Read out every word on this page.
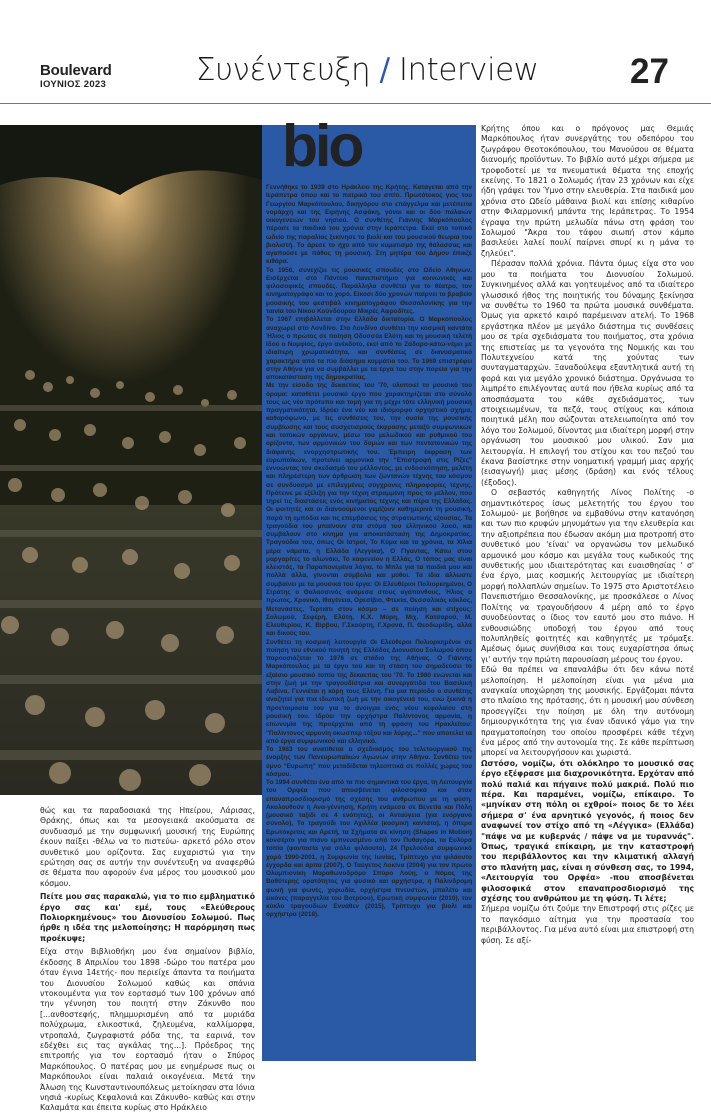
Boulevard
ΙΟΥΝΙΟΣ 2023	Συνέντευξη / Interview	27
bio

Γεννήθηκε το 1939 στο Ηράκλειο της Κρήτης. Κατάγεται από την Ιεράπετρα όπου και το πατρικό του σπίτι. Πρωτότοκος γιος του Γεωργίου Μαρκόπουλου, δικηγόρου στο επάγγελμα και μετέπειτα νομάρχη και της Ειρήνης Ασφάκη, γόνοι και οι δύο παλαιών οικογενειών του νησιού. Ο συνθέτης Γιάννης Μαρκόπουλος πέρασε τα παιδικά του χρόνια στην Ιεράπετρα. Εκεί στο τοπικό ωδείο της παραλίας ξεκίνησε το βιολί και του μουσικού θεωρία του βιολιστή. Το άρεσε το ήχο από τον κυματισμό της θάλασσας και αγαπούσε με πάθος τη μουσική. Στη μητέρα του Δήμου έπαιζε κιθάρα.

Το 1956, συνεχίζει τις μουσικές σπουδές στο Ωδείο Αθηνών. Εισέρχεται στο Πάντειο πανεπιστήμιο για κοινωνικές και φιλοσοφικές σπουδές. Παράλληλα συνθέτει για το θέατρο, τον κινηματογράφο και το χορό. Είκοσι δύο χρονών παίρνει το βραβείο μουσικής του φεστιβάλ κινηματογράφου Θεσσαλονίκης για την ταινία του Νίκου Κούνδουρου Μικρές Αφροδίτες.

Το 1967 επιβάλλεται στην Ελλάδα δικτατορία. Ο Μαρκόπουλος αναχωρεί στο Λονδίνο. Στο Λονδίνο συνθέτει την κοσμική καντάτα Ήλιος ο πρώτος σε ποίηση Οδυσσέα Ελύτη και τη μουσική τελετή Ιδού ο Νυμφίος, έργο ανέκδοτο, εκεί από το Ζάδαρο-κάτω-νέμει με ιδιαίτερη χρωματικότητα, και συνθέσεις σε διανυσματικό χαρακτήρα από τα πιο διάσημα κομμάτια του. Το 1969 επιστρέφει στην Αθήνα για να συμβάλλει με τα έργα του στην πορεία για την αποκατάσταση της δημοκρατίας.

Με την είσοδο της δεκαετίας του '70, υλοποιεί το μουσικό του όραμα: καταθέτει μουσικό έργο που χαρακτηρίζεται στο σύνολό τους ως νέο πρότυπο και τομή για τη μέχρι τότε ελληνική μουσική πραγματικότητα. Ιδρύει ένα νέο και ιδιόμορφο ορχηστικό σχήμα, καθαρόφωνο, με τις συνθέσεις του, την ουσία της μουσικής συμβίωσης και τους συσχετισμούς έκφρασης μεταξύ συμφωνικών και τοπικών οργάνων, μέσω του μελωδικού και ρυθμικού του ορίζοντα, των αρμονικών του δομών και των πεντατονικών της διάφανης ενορχηστρωτικής του. Έμπειρη έκφραση των ευρωπαϊκών, προτείνει αρμονικά την "Επιστροφή στις Ρίζες" εννοώντας τον σκεδασμό του μέλλοντος, με ενδοσκόπηση, μελέτη και πληρέστερη των άρθρωση των ζωντανών τέχνης του κόσμου σε συνδυασμό με επιλεγμένες σύγχρονες πληροφορίες τέχνης. Πρότεινε με εξέλιξη για την τέχνη στραμμένη προς το μέλλον, που τηρεί τις διαστάσεις ενός κινήματος τέχνης και πέρα της Ελλάδας. Οι φοιτητές και οι διανοούμενοι γεμίζουν καθημερινά τη μουσική, παρά τη εμπόδια και τις επεμβάσεις της στρατιωτικής εξουσίας. Τα τραγούδια του μπαίνουν στα στόμα του ελληνικού λαού, και συμβάλουν στο κίνημα για αποκατάσταση της Δημοκρατίας. Τραγούδια του, όπως Οι Ιστροί, Το Κύμα και τα χρόνια, τα Χίλια μέρα νάματα, η Ελλάδα (Λεγγίκα), Ο Γίγαντας, Κάτω στου μαργαρίτες το αλωνάκι, Το καφενείον η Ελλάς, Ο τόπος μας είναι κλειστός, τα Παραπονεμένα λόγια, το Μπλε για τα παιδιά μου και πολλά άλλα, γίνονται σύμβολα και μύθοι. Τα ίδια άλλωστε συμβαίνει με τα μουσικά του έργα: Οι Ελευθέριοι Πολιορκημένοι, Ο Στράτης ο Θαλασσινός ανάμεσα στους αγάπανθους, Ήλιος ο πρώτος, Χρονικό, Ιθαγένεια, Ορεσίβιο, Φτεκία, Θεσσαλικός κύκλος, Μετανάστες, Τερτιάτι στον κόσμο – σε ποίηση και στίχους: Σολωμού, Σεφέρη, Ελύτη, Κ.Χ. Μύρη, Μιχ. Κατσαρού, Μ. Ελευθερίου, Κ. Βίρβου, Γ.Σκούρτη, Γ.Χρονά, Π. Θεοδωρίδη, αλλά και δικούς του.

Συνθέτει τη κοσμική λειτουργία Οι Ελεύθεροι Πολιορκημένοι σε ποίηση του εθνικού ποιητή της Ελλάδος Διονυσίου Σολωμού όπου παρουσιάζεται το 1976 σε στάδιο της Αθήνας. Ο Γιάννης Μαρκόπουλος με τα έργο του και τη στάση του σημαδεύσει το εξαίσιο μουσικό τοπίο της δεκαετίας του '70. Το 1980 ενώνεται και στην ζωή με την τραγουδίστρια και συνεργάτιδα του Βασιλική Λαβίνα. Γεννιέται η κόρη τους Ελένη. Για μια περίοδο ο συνθέτης αναζητεί για πια ιδιωτική ζωή με την οικογένειά του, ενώ ξεκινά η προετοιμασία του για το άνοιγμα ενός νέου κεφαλαίου στη μουσική του. Ιδρύει την ορχήστρα Παλίντονος αρμονία, η επωνυμία της προέρχεται από τη φράση του Ηρακλείτου: "Παλίντονος αρμονίη οκωσπερ τόξου και λύρης..." που αποτελεί τα από έργα συμφωνικού και ελληνικό.

Το 1983 του ανατίθεται ο σχεδιασμός του τελετουργικού της έναρξης των Πανευρωπαϊκών Αγώνων στην Αθήνα. Συνθέτει τον ύμνο "Ευρώπη" που μεταδίδεται τηλεοπτικά σε πολλές χώρες του κόσμου.

Το 1994 συνθέτει ένα από τα πιο σημαντικά του έργα, τη Λειτουργία του Ορφέα που αποσβένεται φιλοσοφικά και στον επαναπροσδιορισμό της σχέσης του ανθρώπου με τη φύση. Ακολουθούν η Ανα-γέννηση, Κρήτη ενάμεσα σε Βενετία και Πόλη (μουσικό ταξίδι σε 4 ενότητες), οι Ανταύγεια (για ενόργανο σύνολο), Το τραγούδι του Αχιλλέα (κοσμική καντάτα), η όπερα Ερωτόκριτος και Αρετή, τα Σχήματα σε κίνηση (Shapes in Motion) κονσέρτο για πιάνο εμπνευσμένο από τον Πυθαγόρα, τα Ευλύρα τοπία (φαντασία για σόλο φιλάουτο), 24 Πρελούδια συμφωνικό χορό 1990-2001, η Συμφωνία της Ιωνίας, Τρίπτυχο για φιλάουτο έγχορδα και άρπα (2007), Ο Ταύγετος Λοκίνα (2004) για τον πρώτο Ολυμπιονίκη Μαραθωνοδρόμο Σπύρο Λούη, ο Νόμος της Βαθύτερης ορατότητος για φυσικό και ορχήστρα, η Πάλινδρομη φωνή για φωνές, χορωδία, ορχήστρα πνευστών, μπαλέτο και εικόνες (παραγγελία του Βοτρύου), Ερωτική συμφωνία (2010), τον κύκλο τραγουδιών Ενυάθεν (2015), Τρίπτυχο για βιολί και ορχήστρα (2018).

θώς και τα παραδοσιακά της Ηπείρου, Λάρισας, Θράκης, όπως και τα μεσογειακά ακούσματα σε συνδυασμό με την συμφωνική μουσική της Ευρώπης έκουν παίξει -θέλω να το πιστεύω- αρκετό ρόλο στον συνθετικό μου ορίζοντα. Σας ευχαριστώ για την ερώτηση σας σε αυτήν την συνέντευξη να αναφερθώ σε θέματα που αφορούν ένα μέρος του μουσικού μου κόσμου.

Πείτε μου σας παρακαλώ, για το πιο εμβληματικό έργο σας και' εμέ, τους «Ελεύθερους Πολιορκημένους» του Διονυσίου Σολωμού. Πως ήρθε η ιδέα της μελοποίησης; Η παρόρμηση πως προέκυψε;

Είχα στην Βιβλιοθήκη μου ένα σημαίνον βιβλίο, έκδοσης 8 Απριλίου του 1898 -δώρο του πατέρα μου όταν έγινα 14ετής- που περιείχε άπαντα τα ποιήματα του Διονυσίου Σολωμού καθώς και σπάνια ντοκουμέντα για τον εορτασμό των 100 χρόνων από την γέννηση του ποιητή στην Ζάκυνθο που [...ανθοστεφής, πλημμυρισμένη από τα μυριάδα πολύχρωμα, ελικοστικά, ζηλευμένα, καλλίμορφα, ντροπαλά, ζωγραφιστά ρόδα της, τα εαρινά, τον εδέχθει εις τας αγκάλας της...]. Πρόεδρος της επιτροπής για τον εορτασμό ήταν ο Σπύρος Μαρκόπουλος. Ο πατέρας μου με ενημέρωσε πως οι Μαρκόπουλοι είναι παλαιά οικογένεια. Μετά την Άλωση της Κωνσταντινουπόλεως μετοίκησαν στα Ιόνια νησιά -κυρίως Κεφαλονιά και Ζάκυνθο- καθώς και στην Καλαμάτα και έπειτα κυρίως στο Ηράκλειο

Κρήτης όπου και ο πρόγονος μας Θεμιάς Μαρκόπουλος ήταν συνεργάτης του οδεπόρου του ζωγράφου Θεοτοκόπουλου, του Μανούσου σε θέματα διανομής προϊόντων. Το βιβλίο αυτό μέχρι σήμερα με τροφοδοτεί με τα πνευματικά θέματα της εποχής εκείνης. Το 1821 ο Σολωμός ήταν 23 χρόνων και είχε ήδη γράψει τον Ύμνο στην ελευθερία. Στα παιδικά μου χρόνια στο Ωδείο μάθαινα βιολί και επίσης κιθαρίνο στην Φιλαρμονική μπάντα της Ιεράπετρας. Το 1954 έγραψα την πρώτη μελωδία πάνω στη φράση του Σολωμού "Άκρα του τάφου σιωπή στον κάμπο βασιλεύει λαλεί πουλί παίρνει σπυρί κι η μάνα το ζηλεύει".

Πέρασαν πολλά χρόνια. Πάντα όμως είχα στο νου μου τα ποιήματα του Διονυσίου Σολωμού. Συγκινημένος αλλά και γοητευμένος από τα ιδιαίτερο γλωσσικό ήθος της ποιητικής του δύναμης ξεκίνησα να συνθέτω το 1960 τα πρώτα μουσικά συνθέματα. Όμως για αρκετό καιρό παρέμειναν ατελή. Το 1968 εργάστηκα πλέον με μεγάλο διάστημα τις συνθέσεις μου σε τρία σχεδιάσματα του ποιήματος, στα χρόνια της επιστείας με τα γεγονότα της Νομικής και του Πολυτεχνείου κατά της χούντας των συνταγματαρχών. Ξαναδούλεψα εξαντλητικά αυτή τη φορά και για μεγάλο χρονικό διάστημα. Οργάνωσα το λιμπρέτο επιλέγοντας αυτά που ήθελα κυρίως από τα αποσπάσματα του κάθε σχεδιάσματος, των στοιχειωμένων, τα πεζά, τους στίχους και κάποια ποιητικά μέλη που σώζονται ατελειωποίητα από τον λόγο του Σολωμού, δίνοντας μια ιδιαίτερη μορφή στην οργάνωση του μουσικού μου υλικού. Σαν μια λειτουργία. Η επιλογή του στίχου και του πεζού του έκανα βασίστηκε στην νοηματική γραμμή μιας αρχής (εισαγωγή) μιας μέσης (δράση) και ενός τέλους (έξοδος).

Ο σεβαστός καθηγητής Λίνος Πολίτης -ο σημαντικότερος ίσως μελετητής του έργου του Σολωμού- με βοήθησε να εμβαθύνω στην κατανόηση και των πιο κρυφών μηνυμάτων για την ελευθερία και την αξιοπρέπεια που έδωσαν ακόμη μια προτροπή στο συνθετικό μου 'είναι' να οργανώσω τον μελωδικό αρμονικό μου κόσμο και μεγάλα τους κωδικούς της συνθετικής μου ιδιαιτερότητας και ευαισθησίας ' σ' ένα έργο, μιας κοσμικής λειτουργίας με ιδιαίτερη μορφή πολλαπλών σημείων. Το 1975 στο Αριστοτέλειο Πανεπιστήμιο Θεσσαλονίκης, με προσκάλεσε ο Λίνος Πολίτης να τραγουδήσουν 4 μέρη από το έργο συνοδεύοντας ο ίδιος τον εαυτό μου στο πιάνο. Η ενθουσιώδης υποδοχή του έργου από τους πολυπληθείς φοιτητές και καθηγητές με τρόμαξε. Αμέσως όμως συνήθισα και τους ευχαρίστησα όπως γι' αυτήν την πρώτη παρουσίαση μέρους του έργου.

Εδώ θα πρέπει να επαναλάβω ότι δεν κάνω ποτέ μελοποίηση. Η μελοποίηση είναι για μένα μια αναγκαία υποχώρηση της μουσικής. Εργάζομαι πάντα στο πλαίσιο της πρότασης, ότι η μουσική μου σύνθεση προσεγγίζει την ποίηση με όλη την αυτόνομη δημιουργικότητα της για έναν ιδανικό γάμο για την πραγματοποίηση του οποίου προσφέρει κάθε τέχνη ένα μέρος από την αυτονομία της. Σε κάθε περίπτωση μπορεί να λειτουργήσουν και χωριστά.

Ωστόσο, νομίζω, ότι ολόκληρο το μουσικό σας έργο εξέφρασε μια διαχρονικότητα. Ερχόταν από πολύ παλιά και πήγαινε πολύ μακριά. Πολύ πιο πέρα. Και παραμένει, νομίζω, επίκαιρο. Το «μηνίκαν στη πόλη οι εχθροί» ποιος δε το λέει σήμερα σ' ένα αρνητικό γεγονός, ή ποιος δεν αναφωνεί τον στίχο από τη «Λέγγικα» (Ελλάδα) "πάψε να με κυβερνάς / πάψε να με τυραννάς". Όπως, τραγικά επίκαιρη, με την καταστροφή του περιβάλλοντος και την κλιματική αλλαγή στο πλανήτη μας, είναι η σύνθεση σας, το 1994, «Λειτουργία του Ορφέα» -που αποσβένεται φιλοσοφικά στον επαναπροσδιορισμό της σχέσης του ανθρώπου με τη φύση. Τι λέτε;

Σήμερα νομίζω ότι ζούμε την Επιστροφή στις ρίζες με το παγκόσμιο αίτημα για την προστασία του περιβάλλοντος. Για μένα αυτό είναι μια επιστροφή στη φύση. Σε αξί-
